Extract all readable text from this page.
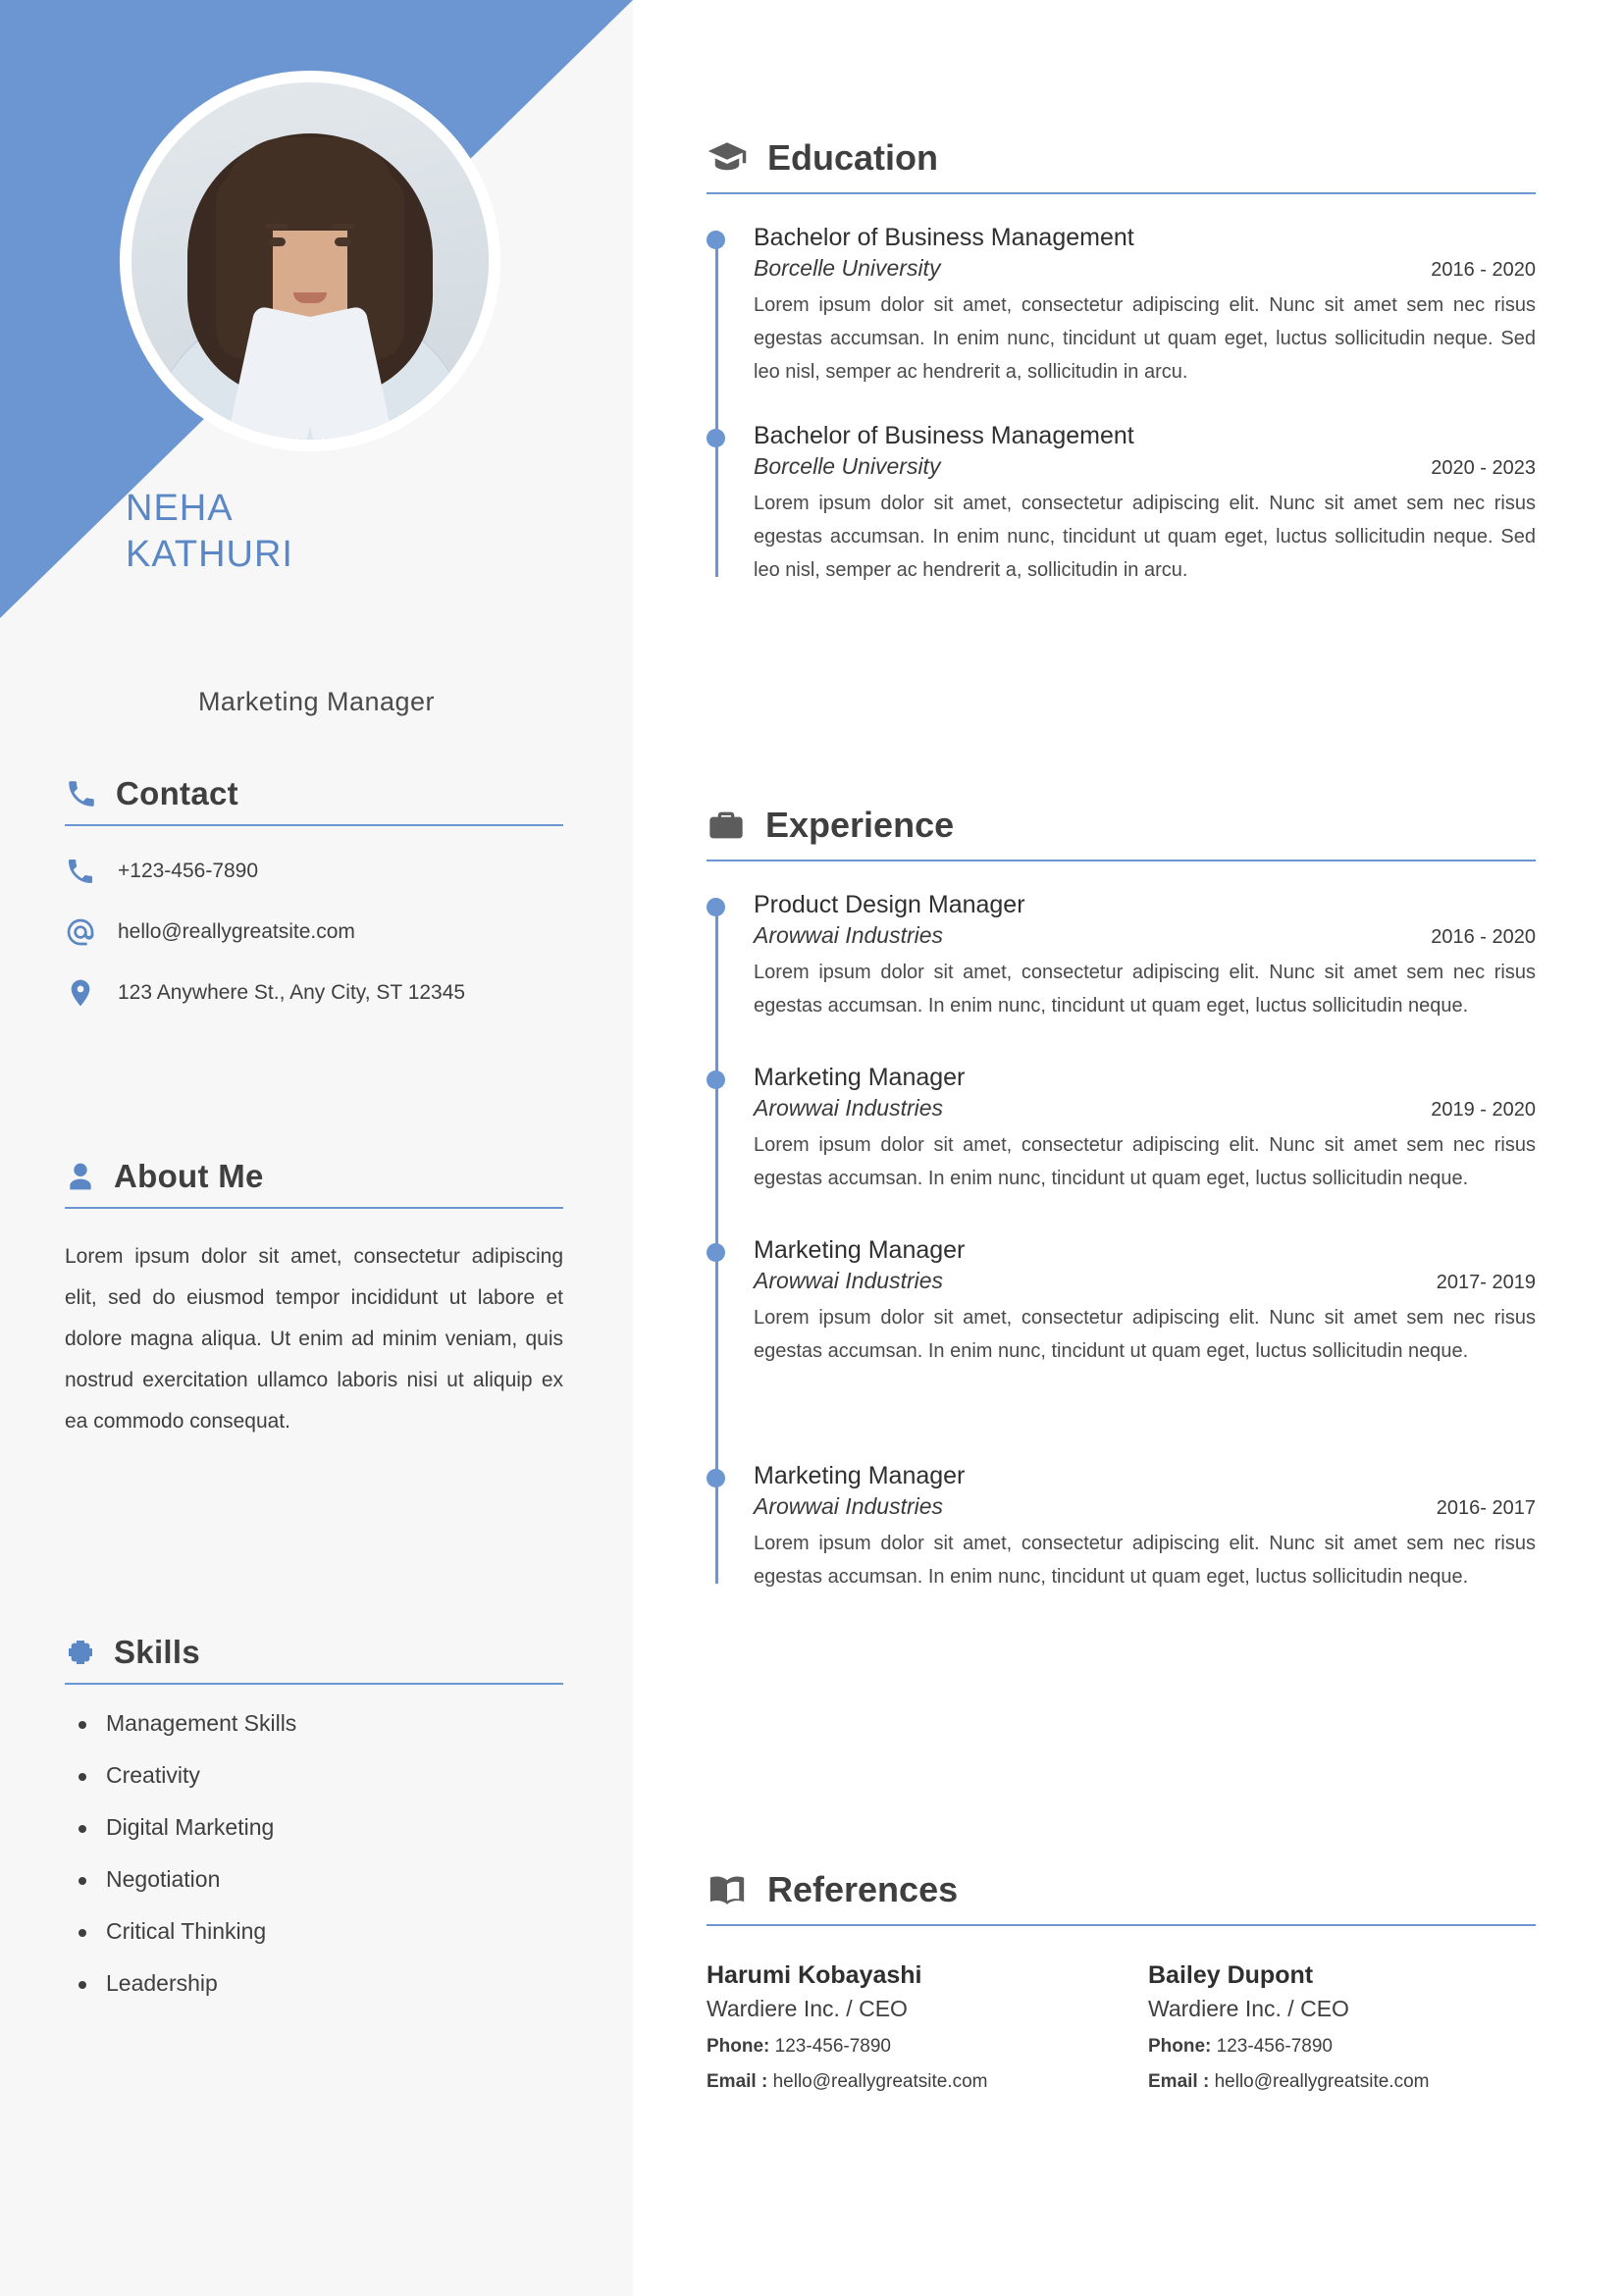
NEHA
KATHURI
Marketing Manager
Contact
+123-456-7890
hello@reallygreatsite.com
123 Anywhere St., Any City, ST 12345
About Me

Lorem ipsum dolor sit amet, consectetur adipiscing elit, sed do eiusmod tempor incididunt ut labore et dolore magna aliqua. Ut enim ad minim veniam, quis nostrud exercitation ullamco laboris nisi ut aliquip ex ea commodo consequat.

Skills
Management Skills
Creativity
Digital Marketing
Negotiation
Critical Thinking
Leadership
Education
Bachelor of Business Management
Borcelle University	2016 - 2020

Lorem ipsum dolor sit amet, consectetur adipiscing elit. Nunc sit amet sem nec risus egestas accumsan. In enim nunc, tincidunt ut quam eget, luctus sollicitudin neque. Sed leo nisl, semper ac hendrerit a, sollicitudin in arcu.

Bachelor of Business Management
Borcelle University	2020 - 2023

Lorem ipsum dolor sit amet, consectetur adipiscing elit. Nunc sit amet sem nec risus egestas accumsan. In enim nunc, tincidunt ut quam eget, luctus sollicitudin neque. Sed leo nisl, semper ac hendrerit a, sollicitudin in arcu.

Experience
Product Design Manager
Arowwai Industries	2016 - 2020

Lorem ipsum dolor sit amet, consectetur adipiscing elit. Nunc sit amet sem nec risus egestas accumsan. In enim nunc, tincidunt ut quam eget, luctus sollicitudin neque.

Marketing Manager
Arowwai Industries	2019 - 2020

Lorem ipsum dolor sit amet, consectetur adipiscing elit. Nunc sit amet sem nec risus egestas accumsan. In enim nunc, tincidunt ut quam eget, luctus sollicitudin neque.

Marketing Manager
Arowwai Industries	2017- 2019

Lorem ipsum dolor sit amet, consectetur adipiscing elit. Nunc sit amet sem nec risus egestas accumsan. In enim nunc, tincidunt ut quam eget, luctus sollicitudin neque.

Marketing Manager
Arowwai Industries	2016- 2017

Lorem ipsum dolor sit amet, consectetur adipiscing elit. Nunc sit amet sem nec risus egestas accumsan. In enim nunc, tincidunt ut quam eget, luctus sollicitudin neque.

References
Harumi Kobayashi
Wardiere Inc. / CEO
Phone: 123-456-7890
Email : hello@reallygreatsite.com
Bailey Dupont
Wardiere Inc. / CEO
Phone: 123-456-7890
Email : hello@reallygreatsite.com
